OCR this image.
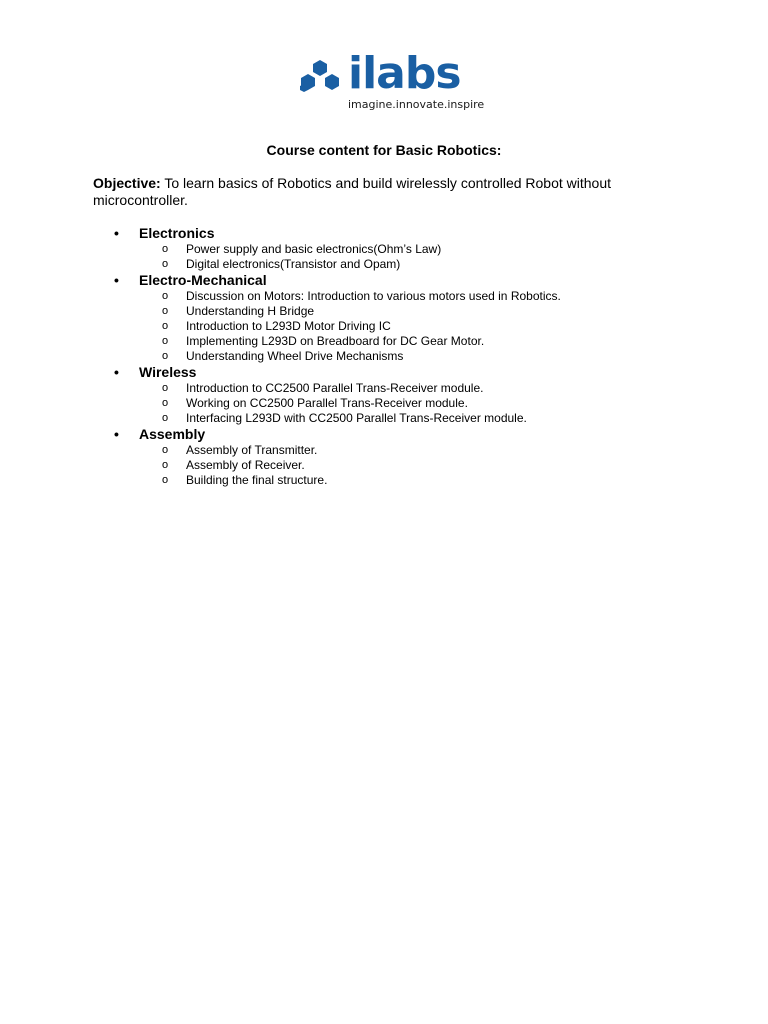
ilabs
imagine.innovate.inspire
Course content for Basic Robotics:
Objective: To learn basics of Robotics and build wirelessly controlled Robot without microcontroller.
• Electronics
o Power supply and basic electronics(Ohm’s Law)
o Digital electronics(Transistor and Opam)
• Electro-Mechanical
o Discussion on Motors: Introduction to various motors used in Robotics.
o Understanding H Bridge
o Introduction to L293D Motor Driving IC
o Implementing L293D on Breadboard for DC Gear Motor.
o Understanding Wheel Drive Mechanisms
• Wireless
o Introduction to CC2500 Parallel Trans-Receiver module.
o Working on CC2500 Parallel Trans-Receiver module.
o Interfacing L293D with CC2500 Parallel Trans-Receiver module.
• Assembly
o Assembly of Transmitter.
o Assembly of Receiver.
o Building the final structure.
